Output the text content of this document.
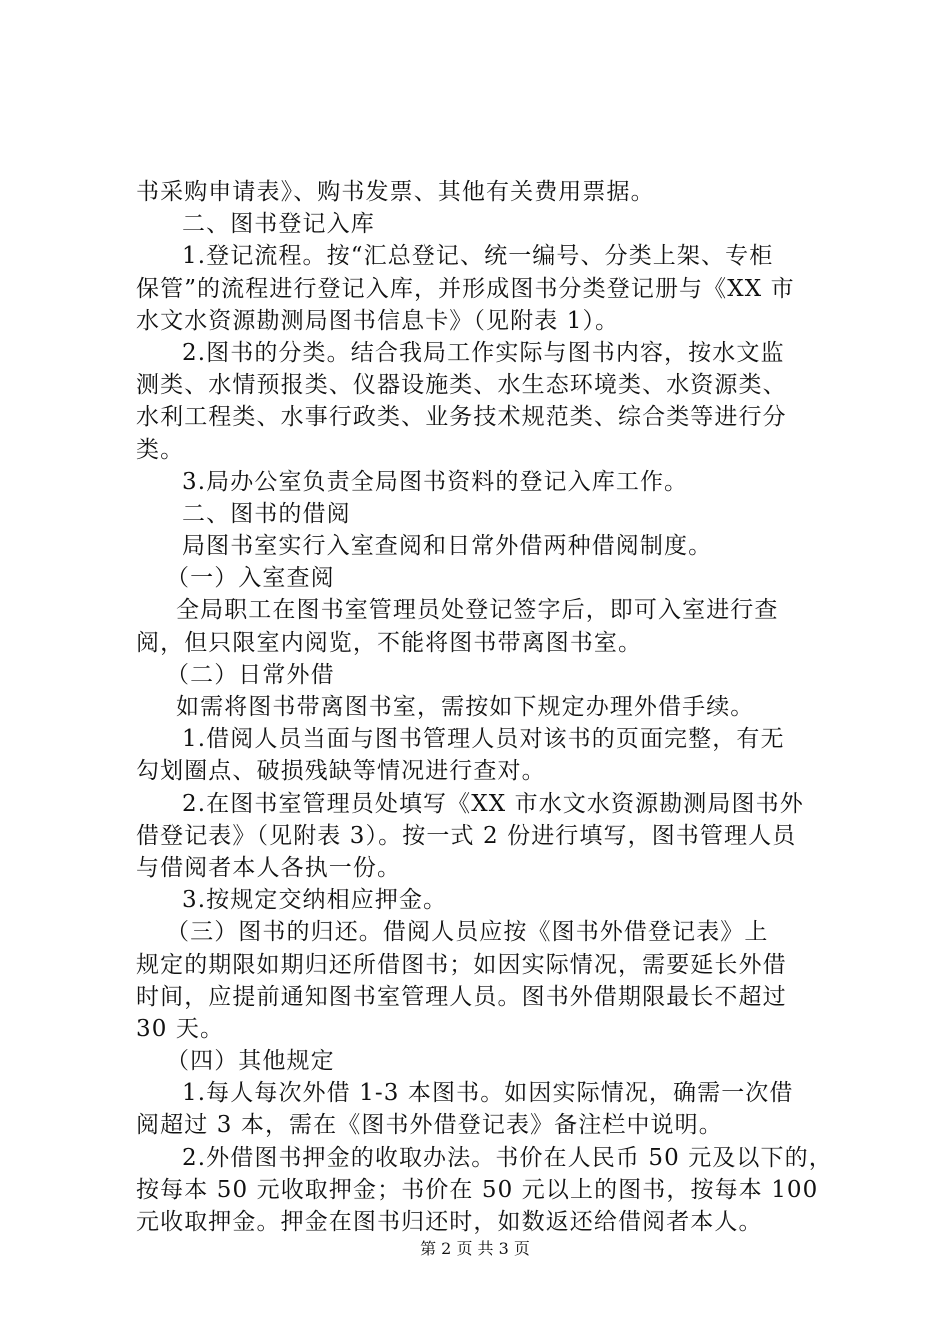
书采购申请表》、购书发票、其他有关费用票据。
二、图书登记入库
1.登记流程。按“汇总登记、统一编号、分类上架、专柜
保管”的流程进行登记入库，并形成图书分类登记册与《XX 市
水文水资源勘测局图书信息卡》（见附表 1）。
2.图书的分类。结合我局工作实际与图书内容，按水文监
测类、水情预报类、仪器设施类、水生态环境类、水资源类、
水利工程类、水事行政类、业务技术规范类、综合类等进行分
类。
3.局办公室负责全局图书资料的登记入库工作。
二、图书的借阅
局图书室实行入室查阅和日常外借两种借阅制度。
（一）入室查阅
全局职工在图书室管理员处登记签字后，即可入室进行查
阅，但只限室内阅览，不能将图书带离图书室。
（二）日常外借
如需将图书带离图书室，需按如下规定办理外借手续。
1.借阅人员当面与图书管理人员对该书的页面完整，有无
勾划圈点、破损残缺等情况进行查对。
2.在图书室管理员处填写《XX 市水文水资源勘测局图书外
借登记表》（见附表 3）。按一式 2 份进行填写，图书管理人员
与借阅者本人各执一份。
3.按规定交纳相应押金。
（三）图书的归还。借阅人员应按《图书外借登记表》上
规定的期限如期归还所借图书；如因实际情况，需要延长外借
时间，应提前通知图书室管理人员。图书外借期限最长不超过
30 天。
（四）其他规定
1.每人每次外借 1-3 本图书。如因实际情况，确需一次借
阅超过 3 本，需在《图书外借登记表》备注栏中说明。
2.外借图书押金的收取办法。书价在人民币 50 元及以下的，
按每本 50 元收取押金；书价在 50 元以上的图书，按每本 100
元收取押金。押金在图书归还时，如数返还给借阅者本人。
第 2 页 共 3 页
